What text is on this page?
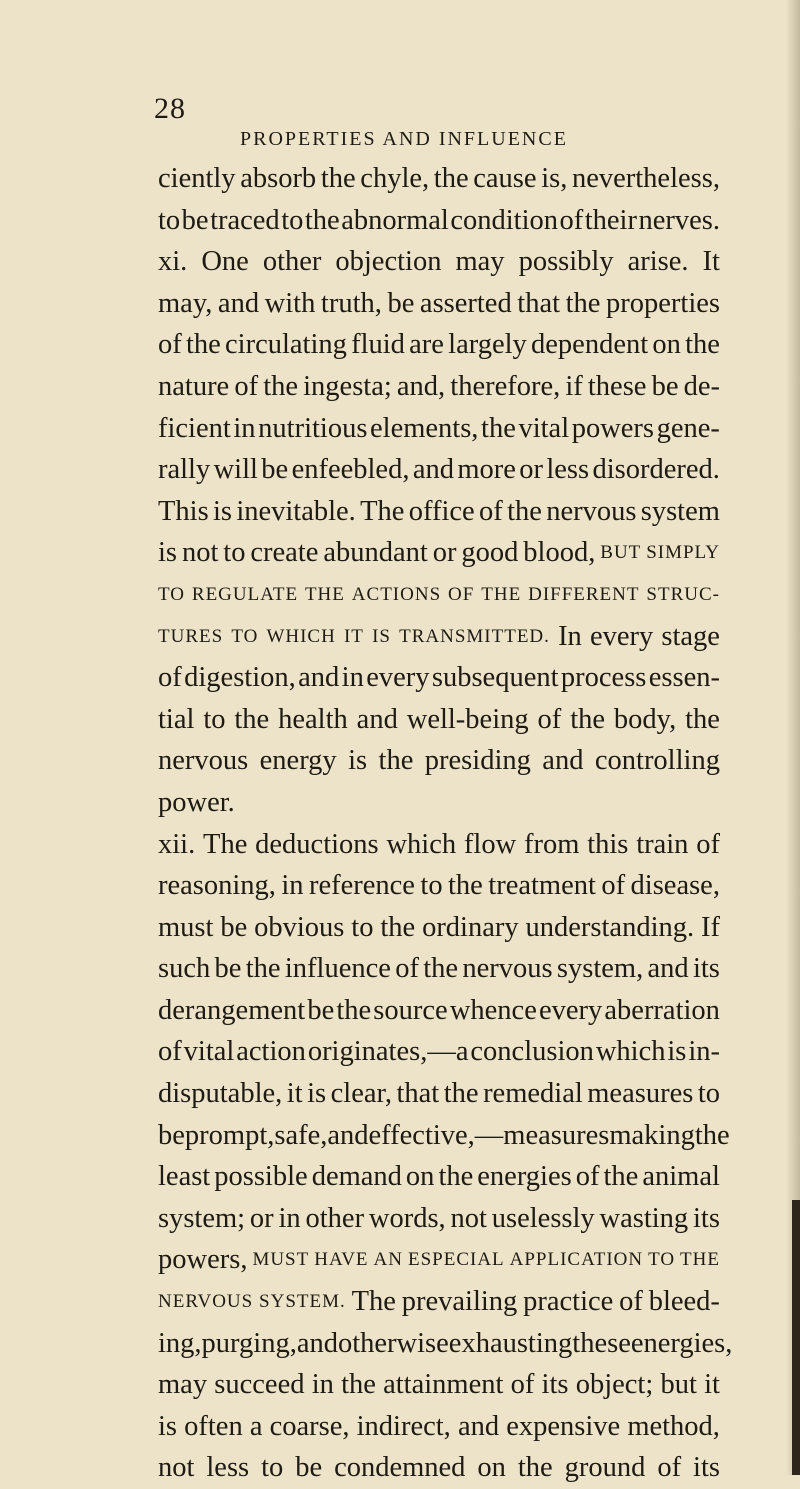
28
PROPERTIES AND INFLUENCE
ciently absorb the chyle, the cause is, nevertheless,
to be traced to the abnormal condition of their nerves.
xi. One other objection may possibly arise. It
may, and with truth, be asserted that the properties
of the circulating fluid are largely dependent on the
nature of the ingesta; and, therefore, if these be de-
ficient in nutritious elements, the vital powers gene-
rally will be enfeebled, and more or less disordered.
This is inevitable. The office of the nervous system
is not to create abundant or good blood, BUT SIMPLY
TO REGULATE THE ACTIONS OF THE DIFFERENT STRUC-
TURES TO WHICH IT IS TRANSMITTED. In every stage
of digestion, and in every subsequent process essen-
tial to the health and well-being of the body, the
nervous energy is the presiding and controlling
power.
xii. The deductions which flow from this train of
reasoning, in reference to the treatment of disease,
must be obvious to the ordinary understanding. If
such be the influence of the nervous system, and its
derangement be the source whence every aberration
of vital action originates,—a conclusion which is in-
disputable, it is clear, that the remedial measures to
be prompt, safe, and effective,—measures making the
least possible demand on the energies of the animal
system; or in other words, not uselessly wasting its
powers, MUST HAVE AN ESPECIAL APPLICATION TO THE
NERVOUS SYSTEM. The prevailing practice of bleed-
ing, purging, and otherwise exhausting these energies,
may succeed in the attainment of its object; but it
is often a coarse, indirect, and expensive method,
not less to be condemned on the ground of its
